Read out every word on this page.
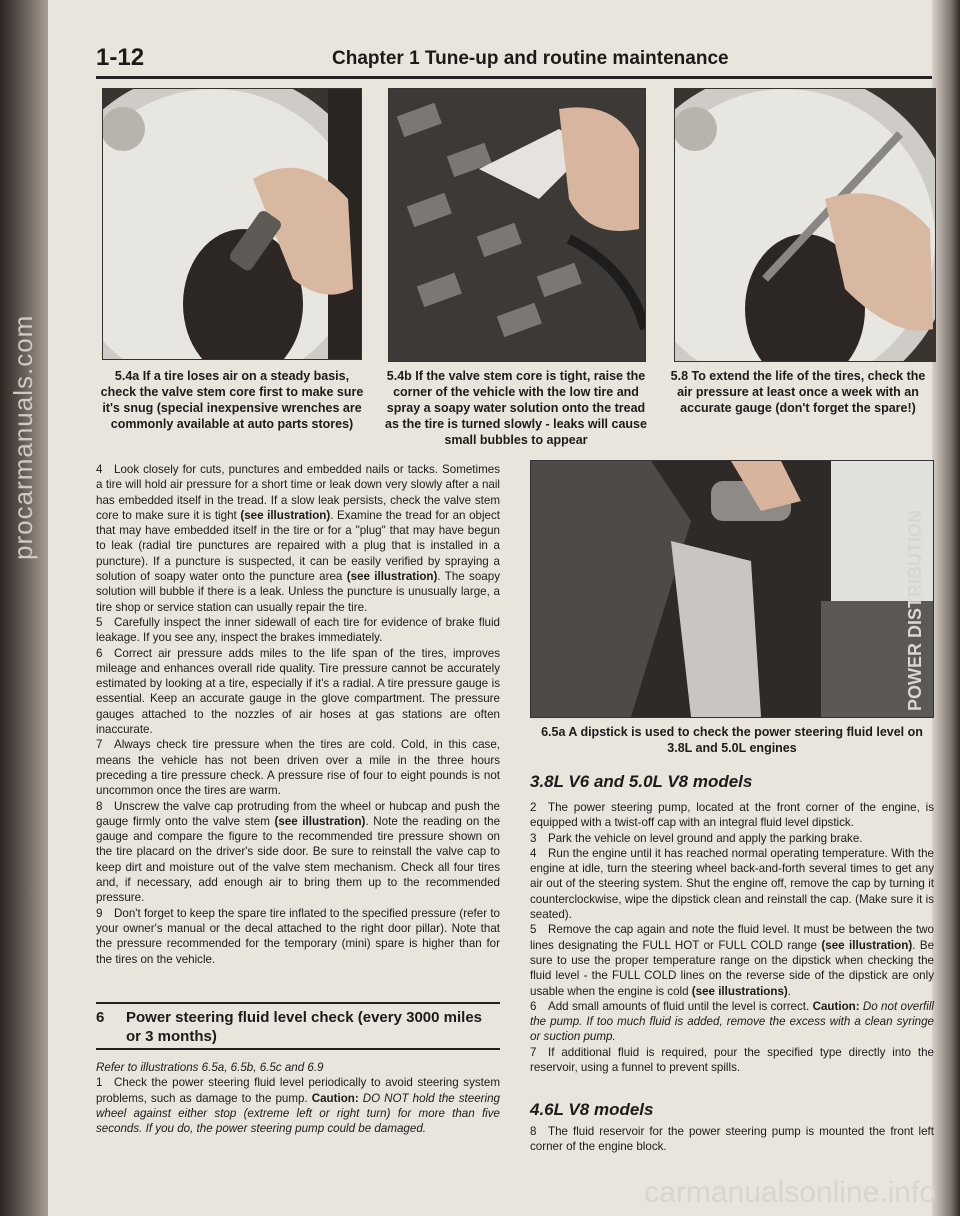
procarmanuals.com
carmanualsonline.info
1-12	Chapter 1 Tune-up and routine maintenance
5.4a If a tire loses air on a steady basis, check the valve stem core first to make sure it's snug (special inexpensive wrenches are commonly available at auto parts stores)
5.4b If the valve stem core is tight, raise the corner of the vehicle with the low tire and spray a soapy water solution onto the tread as the tire is turned slowly - leaks will cause small bubbles to appear
5.8 To extend the life of the tires, check the air pressure at least once a week with an accurate gauge (don't forget the spare!)
POWER DISTRIBUTION
6.5a A dipstick is used to check the power steering fluid level on 3.8L and 5.0L engines

4 Look closely for cuts, punctures and embedded nails or tacks. Sometimes a tire will hold air pressure for a short time or leak down very slowly after a nail has embedded itself in the tread. If a slow leak persists, check the valve stem core to make sure it is tight (see illustration). Examine the tread for an object that may have embedded itself in the tire or for a "plug" that may have begun to leak (radial tire punctures are repaired with a plug that is installed in a puncture). If a puncture is suspected, it can be easily verified by spraying a solution of soapy water onto the puncture area (see illustration). The soapy solution will bubble if there is a leak. Unless the puncture is unusually large, a tire shop or service station can usually repair the tire.

5 Carefully inspect the inner sidewall of each tire for evidence of brake fluid leakage. If you see any, inspect the brakes immediately.

6 Correct air pressure adds miles to the life span of the tires, improves mileage and enhances overall ride quality. Tire pressure cannot be accurately estimated by looking at a tire, especially if it's a radial. A tire pressure gauge is essential. Keep an accurate gauge in the glove compartment. The pressure gauges attached to the nozzles of air hoses at gas stations are often inaccurate.

7 Always check tire pressure when the tires are cold. Cold, in this case, means the vehicle has not been driven over a mile in the three hours preceding a tire pressure check. A pressure rise of four to eight pounds is not uncommon once the tires are warm.

8 Unscrew the valve cap protruding from the wheel or hubcap and push the gauge firmly onto the valve stem (see illustration). Note the reading on the gauge and compare the figure to the recommended tire pressure shown on the tire placard on the driver's side door. Be sure to reinstall the valve cap to keep dirt and moisture out of the valve stem mechanism. Check all four tires and, if necessary, add enough air to bring them up to the recommended pressure.

9 Don't forget to keep the spare tire inflated to the specified pressure (refer to your owner's manual or the decal attached to the right door pillar). Note that the pressure recommended for the temporary (mini) spare is higher than for the tires on the vehicle.

6 Power steering fluid level check (every 3000 miles or 3 months)

Refer to illustrations 6.5a, 6.5b, 6.5c and 6.9

1 Check the power steering fluid level periodically to avoid steering system problems, such as damage to the pump. Caution: DO NOT hold the steering wheel against either stop (extreme left or right turn) for more than five seconds. If you do, the power steering pump could be damaged.

3.8L V6 and 5.0L V8 models

2 The power steering pump, located at the front corner of the engine, is equipped with a twist-off cap with an integral fluid level dipstick.

3 Park the vehicle on level ground and apply the parking brake.

4 Run the engine until it has reached normal operating temperature. With the engine at idle, turn the steering wheel back-and-forth several times to get any air out of the steering system. Shut the engine off, remove the cap by turning it counterclockwise, wipe the dipstick clean and reinstall the cap. (Make sure it is seated).

5 Remove the cap again and note the fluid level. It must be between the two lines designating the FULL HOT or FULL COLD range (see illustration). Be sure to use the proper temperature range on the dipstick when checking the fluid level - the FULL COLD lines on the reverse side of the dipstick are only usable when the engine is cold (see illustrations).

6 Add small amounts of fluid until the level is correct. Caution: Do not overfill the pump. If too much fluid is added, remove the excess with a clean syringe or suction pump.

7 If additional fluid is required, pour the specified type directly into the reservoir, using a funnel to prevent spills.

4.6L V8 models

8 The fluid reservoir for the power steering pump is mounted the front left corner of the engine block.
